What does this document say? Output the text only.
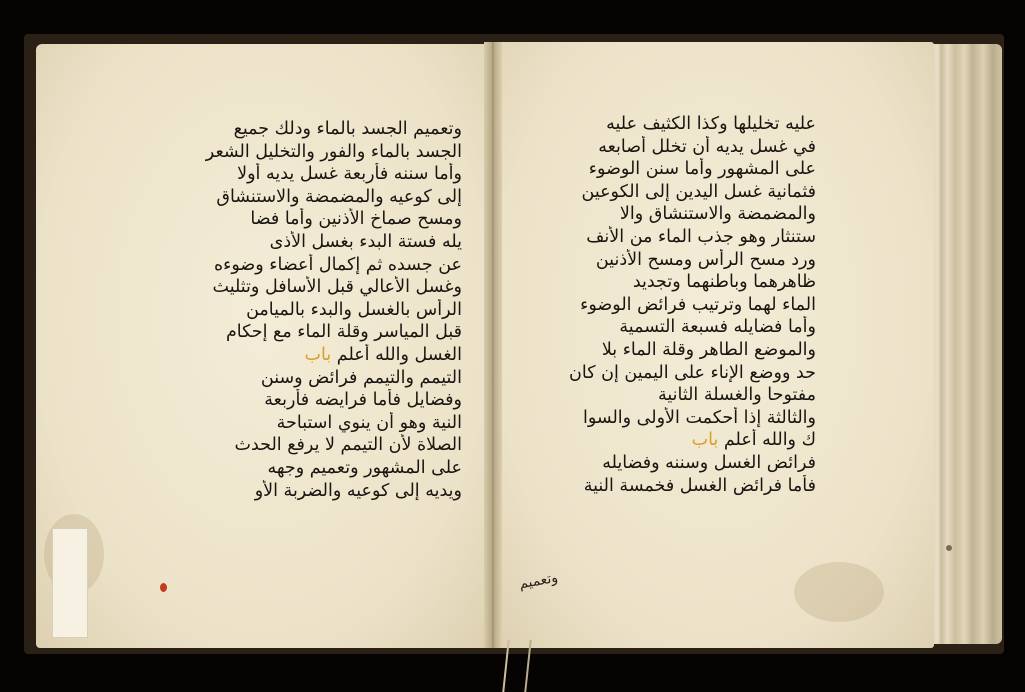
وتعميم الجسد بالماء ودلك جميع
الجسد بالماء والفور والتخليل الشعر
وأما سننه فأربعة غسل يديه أولا
إلى كوعيه والمضمضة والاستنشاق
ومسح صماخ الأذنين وأما فضا
يله فستة البدء بغسل الأذى
عن جسده ثم إكمال أعضاء وضوءه
وغسل الأعالي قبل الأسافل وتثليث
الرأس بالغسل والبدء بالميامن
قبل المياسر وقلة الماء مع إحكام
الغسل والله أعلم باب
التيمم والتيمم فرائض وسنن
وفضايل فأما فرايضه فأربعة
النية وهو أن ينوي استباحة
الصلاة لأن التيمم لا يرفع الحدث
على المشهور وتعميم وجهه
ويديه إلى كوعيه والضربة الأو
عليه تخليلها وكذا الكثيف عليه
في غسل يديه أن تخلل أصابعه
على المشهور وأما سنن الوضوء
فثمانية غسل اليدين إلى الكوعين
والمضمضة والاستنشاق والا
ستنثار وهو جذب الماء من الأنف
ورد مسح الرأس ومسح الأذنين
ظاهرهما وباطنهما وتجديد
الماء لهما وترتيب فرائض الوضوء
وأما فضايله فسبعة التسمية
والموضع الطاهر وقلة الماء بلا
حد ووضع الإناء على اليمين إن كان
مفتوحا والغسلة الثانية
والثالثة إذا أحكمت الأولى والسوا
ك والله أعلم باب
فرائض الغسل وسننه وفضايله
فأما فرائض الغسل فخمسة النية
وتعميم
